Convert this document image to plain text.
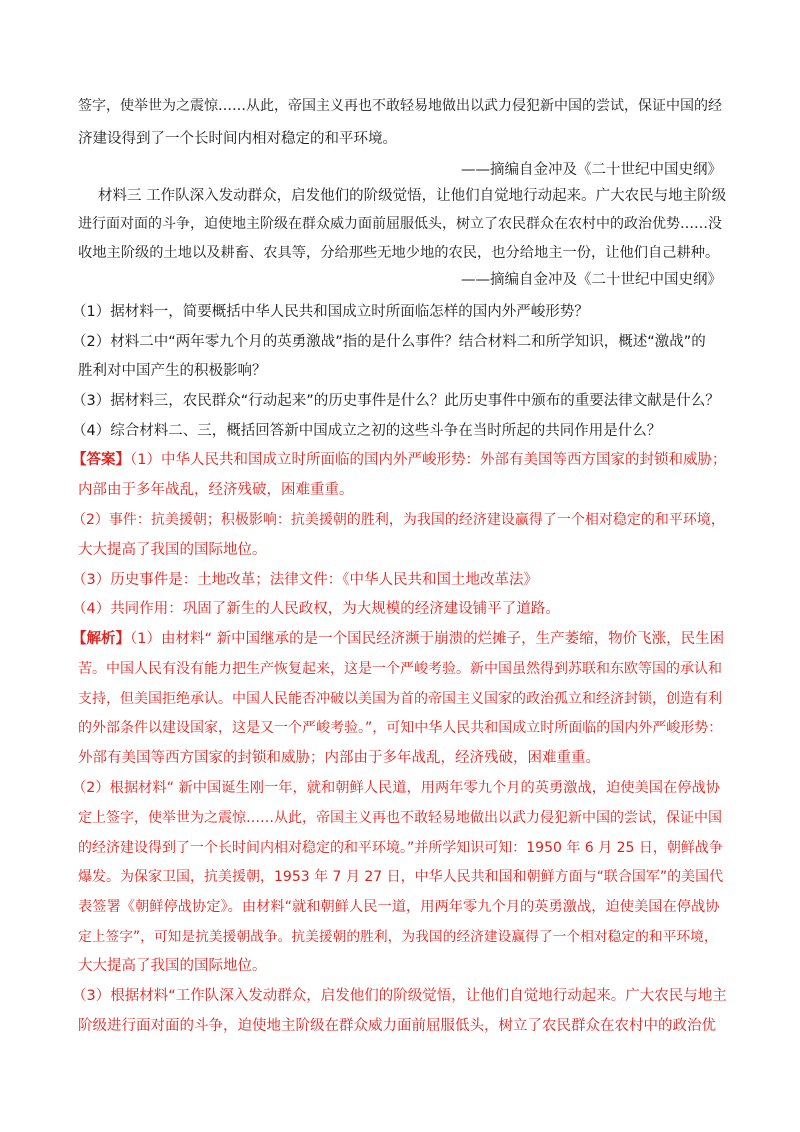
签字，使举世为之震惊……从此，帝国主义再也不敢轻易地做出以武力侵犯新中国的尝试，保证中国的经
济建设得到了一个长时间内相对稳定的和平环境。
——摘编自金冲及《二十世纪中国史纲》
材料三 工作队深入发动群众，启发他们的阶级觉悟，让他们自觉地行动起来。广大农民与地主阶级
进行面对面的斗争，迫使地主阶级在群众威力面前屈服低头，树立了农民群众在农村中的政治优势……没
收地主阶级的土地以及耕畜、农具等，分给那些无地少地的农民，也分给地主一份，让他们自己耕种。
——摘编自金冲及《二十世纪中国史纲》
（1）据材料一，简要概括中华人民共和国成立时所面临怎样的国内外严峻形势？
（2）材料二中“两年零九个月的英勇激战”指的是什么事件？结合材料二和所学知识，概述“激战”的
胜利对中国产生的积极影响？
（3）据材料三，农民群众“行动起来”的历史事件是什么？此历史事件中颁布的重要法律文献是什么？
（4）综合材料二、三，概括回答新中国成立之初的这些斗争在当时所起的共同作用是什么？
【答案】（1）中华人民共和国成立时所面临的国内外严峻形势：外部有美国等西方国家的封锁和威胁；
内部由于多年战乱，经济残破，困难重重。
（2）事件：抗美援朝；积极影响：抗美援朝的胜利，为我国的经济建设赢得了一个相对稳定的和平环境，
大大提高了我国的国际地位。
（3）历史事件是：土地改革；法律文件：《中华人民共和国土地改革法》
（4）共同作用：巩固了新生的人民政权，为大规模的经济建设铺平了道路。
【解析】（1）由材料“ 新中国继承的是一个国民经济濒于崩溃的烂摊子，生产萎缩，物价飞涨，民生困
苦。中国人民有没有能力把生产恢复起来，这是一个严峻考验。新中国虽然得到苏联和东欧等国的承认和
支持，但美国拒绝承认。中国人民能否冲破以美国为首的帝国主义国家的政治孤立和经济封锁，创造有利
的外部条件以建设国家，这是又一个严峻考验。”，可知中华人民共和国成立时所面临的国内外严峻形势：
外部有美国等西方国家的封锁和威胁；内部由于多年战乱，经济残破，困难重重。
（2）根据材料“ 新中国诞生刚一年，就和朝鲜人民道，用两年零九个月的英勇激战，迫使美国在停战协
定上签字，使举世为之震惊……从此，帝国主义再也不敢轻易地做出以武力侵犯新中国的尝试，保证中国
的经济建设得到了一个长时间内相对稳定的和平环境。”并所学知识可知：1950 年 6 月 25 日，朝鲜战争
爆发。为保家卫国，抗美援朝，1953 年 7 月 27 日，中华人民共和国和朝鲜方面与“联合国军”的美国代
表签署《朝鲜停战协定》。由材料“就和朝鲜人民一道，用两年零九个月的英勇激战，迫使美国在停战协
定上签字”，可知是抗美援朝战争。抗美援朝的胜利，为我国的经济建设赢得了一个相对稳定的和平环境，
大大提高了我国的国际地位。
（3）根据材料“工作队深入发动群众，启发他们的阶级觉悟，让他们自觉地行动起来。广大农民与地主
阶级进行面对面的斗争，迫使地主阶级在群众威力面前屈服低头，树立了农民群众在农村中的政治优
